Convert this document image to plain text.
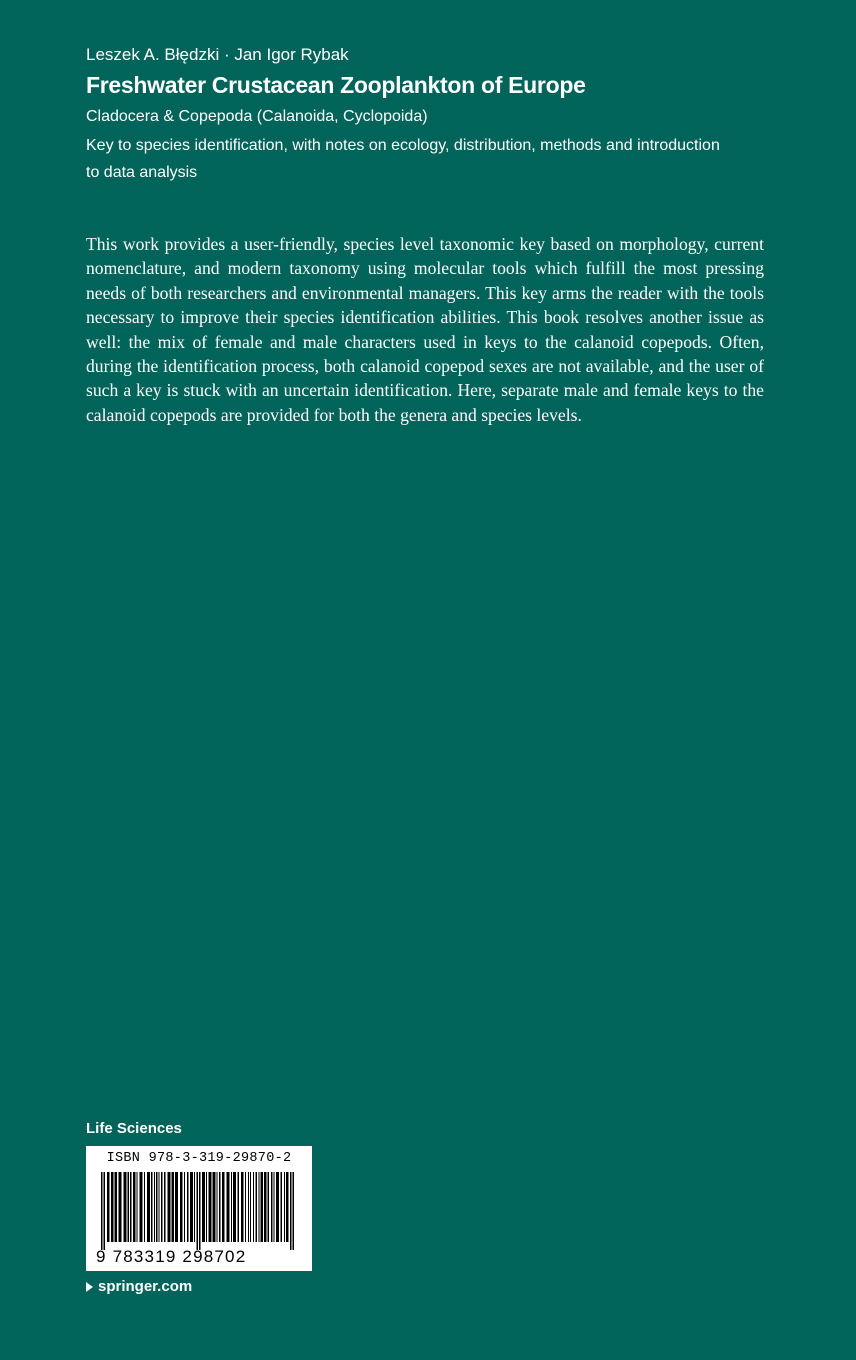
Leszek A. Błędzki · Jan Igor Rybak

Freshwater Crustacean Zooplankton of Europe

Cladocera & Copepoda (Calanoida, Cyclopoida)

Key to species identification, with notes on ecology, distribution, methods and introduction to data analysis

This work provides a user-friendly, species level taxonomic key based on morphology, current nomenclature, and modern taxonomy using molecular tools which fulfill the most pressing needs of both researchers and environmental managers. This key arms the reader with the tools necessary to improve their species identification abilities. This book resolves another issue as well: the mix of female and male characters used in keys to the calanoid copepods. Often, during the identification process, both calanoid copepod sexes are not available, and the user of such a key is stuck with an uncertain identification. Here, separate male and female keys to the calanoid copepods are provided for both the genera and species levels.

Life Sciences

ISBN 978-3-319-29870-2
9 783319 298702
springer.com
